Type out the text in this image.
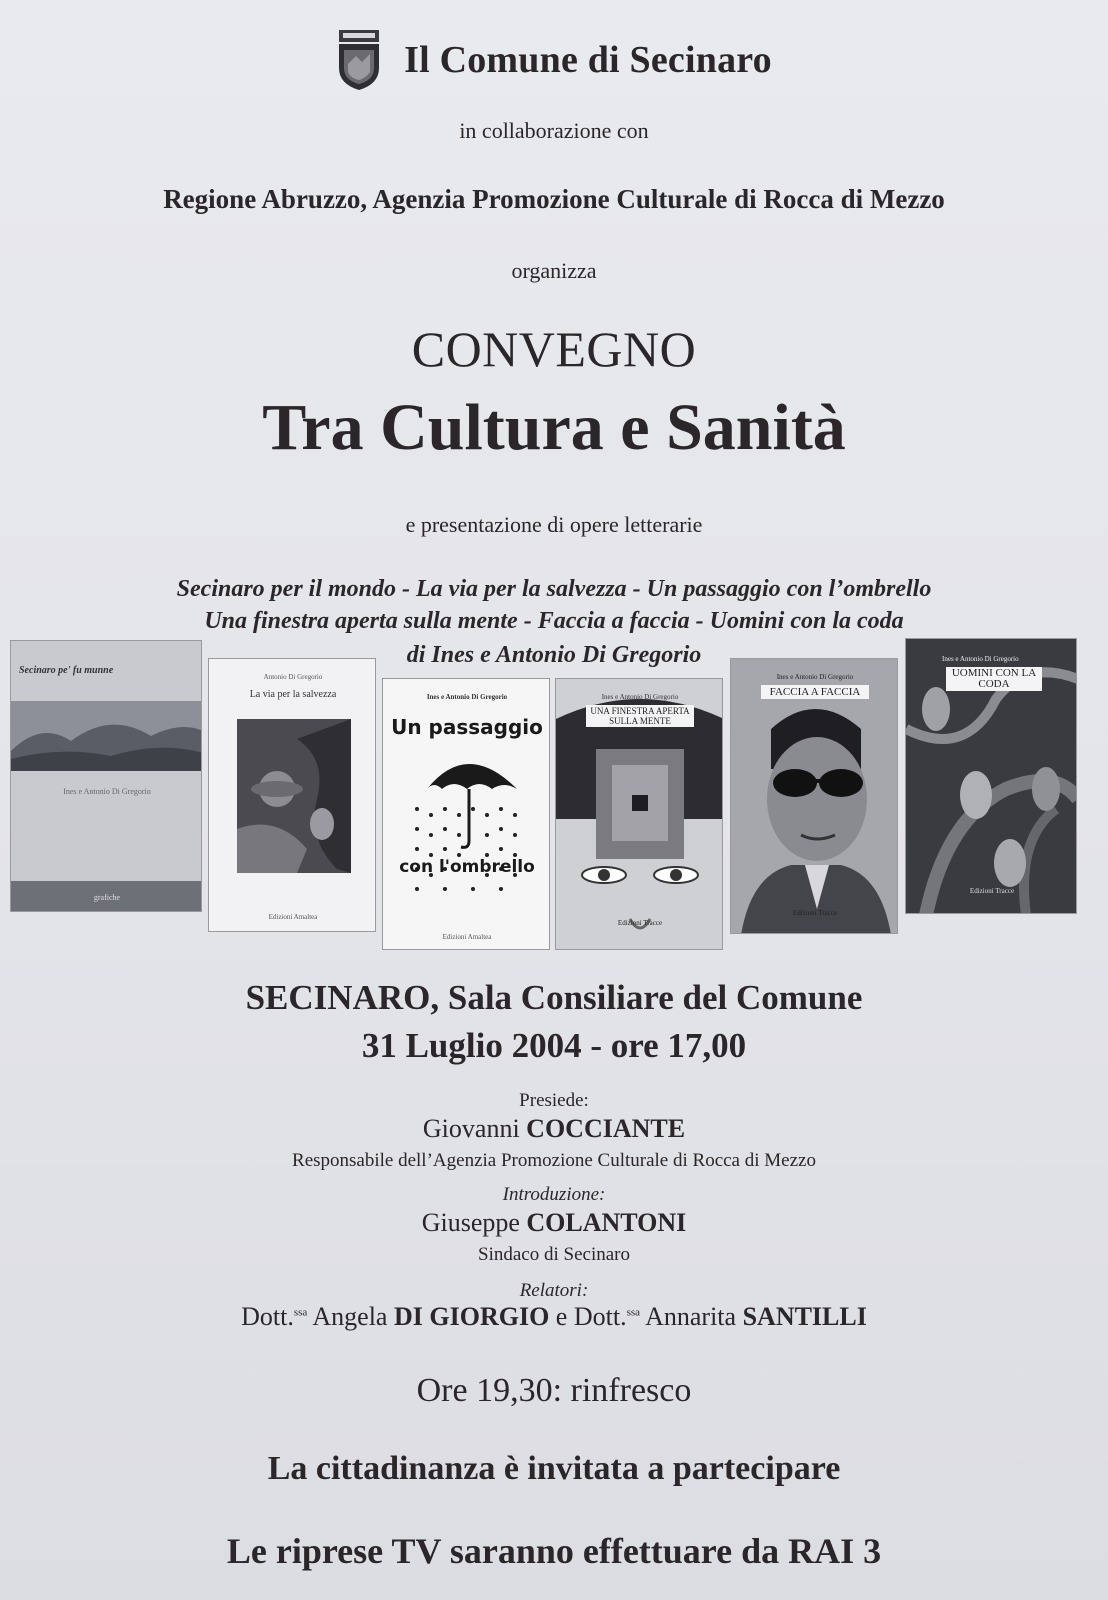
Il Comune di Secinaro
in collaborazione con
Regione Abruzzo, Agenzia Promozione Culturale di Rocca di Mezzo
organizza
CONVEGNO
Tra Cultura e Sanità
e presentazione di opere letterarie
Secinaro per il mondo - La via per la salvezza - Un passaggio con l’ombrello
Una finestra aperta sulla mente - Faccia a faccia - Uomini con la coda
di Ines e Antonio Di Gregorio
Secinaro pe' fu munne
Ines e Antonio Di Gregorio
grafiche
Antonio Di Gregorio
La via per la salvezza
Edizioni Amaltea
Ines e Antonio Di Gregorio
Un passaggio
con l'ombrello
Edizioni Amaltea
Ines e Antonio Di Gregorio
UNA FINESTRA APERTA SULLA MENTE
Edizioni Tracce
Ines e Antonio Di Gregorio
FACCIA A FACCIA
Edizioni Tracce
Ines e Antonio Di Gregorio
UOMINI CON LA CODA
Edizioni Tracce
SECINARO, Sala Consiliare del Comune
31 Luglio 2004 - ore 17,00
Presiede:
Giovanni COCCIANTE
Responsabile dell’Agenzia Promozione Culturale di Rocca di Mezzo
Introduzione:
Giuseppe COLANTONI
Sindaco di Secinaro
Relatori:
Dott.$^{ssa}$ Angela DI GIORGIO e Dott.$^{ssa}$ Annarita SANTILLI
Ore 19,30: rinfresco
La cittadinanza è invitata a partecipare
Le riprese TV saranno effettuare da RAI 3
